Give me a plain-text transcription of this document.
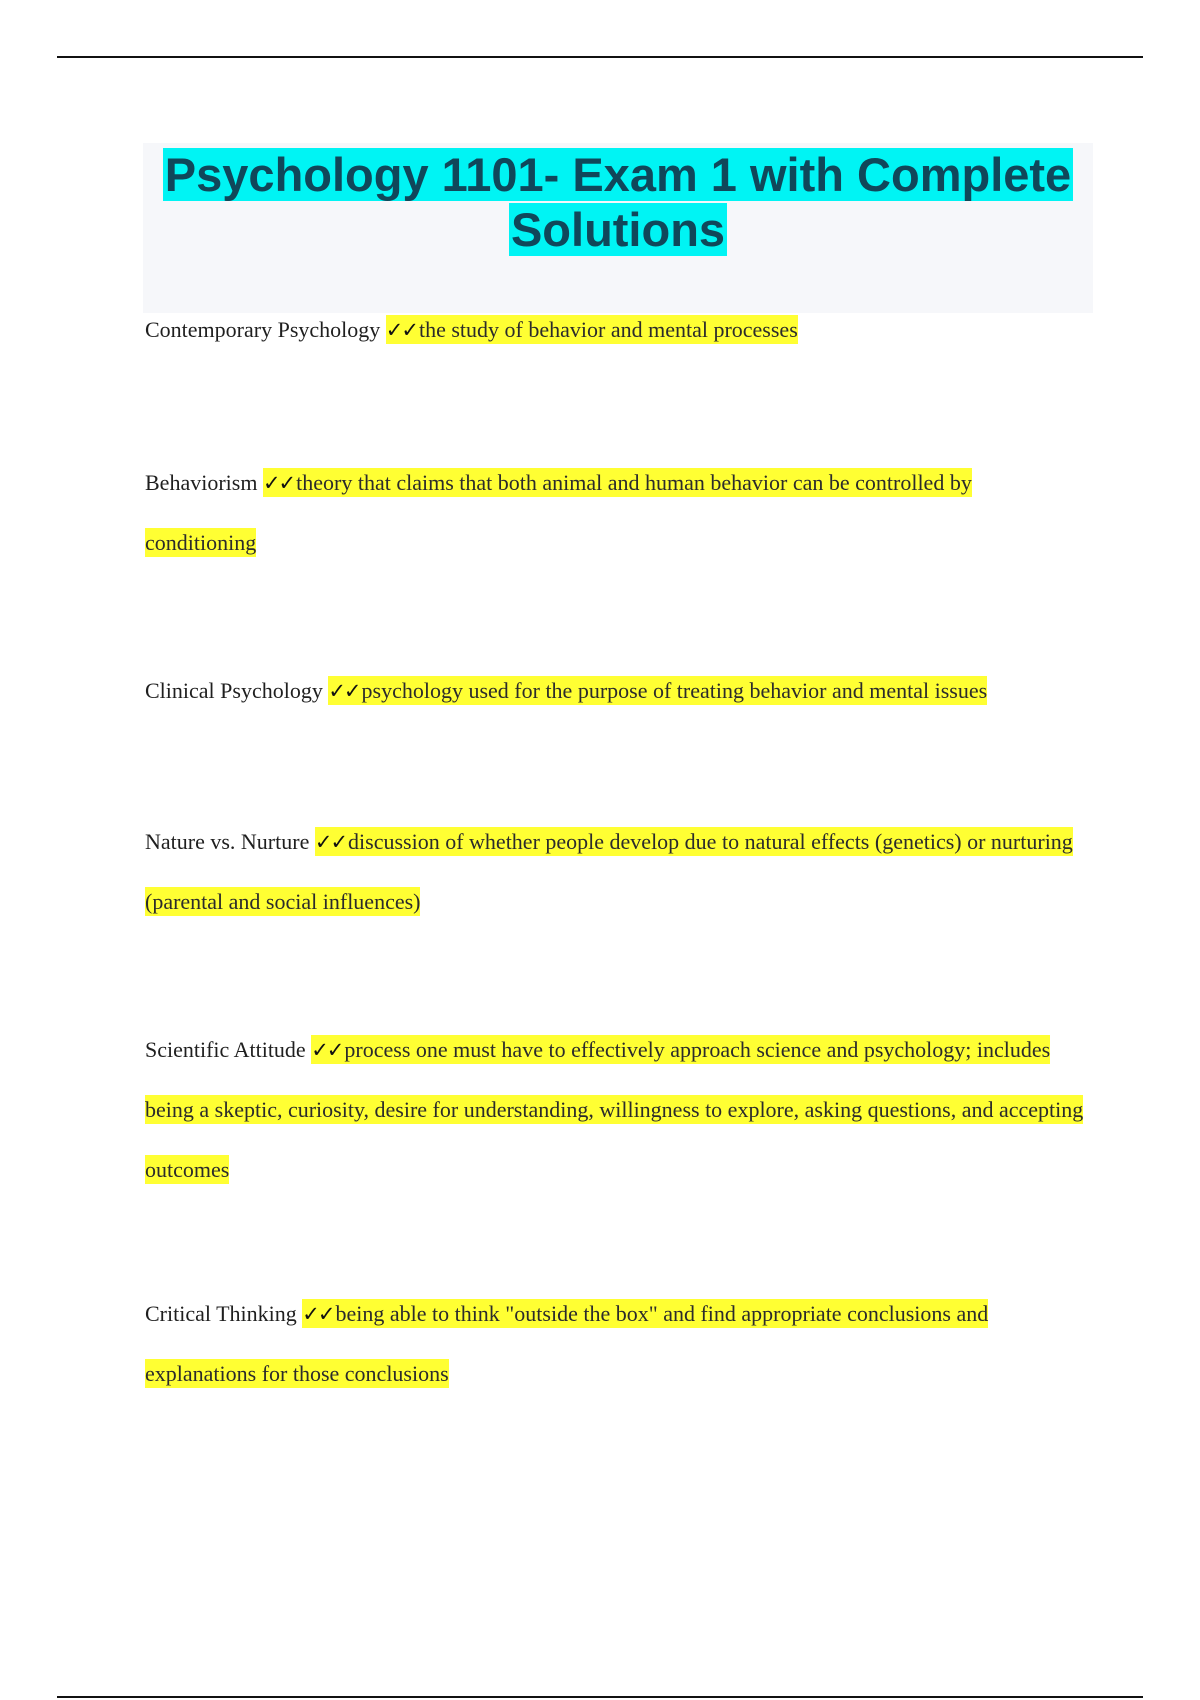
Psychology 1101- Exam 1 with Complete
Solutions

Contemporary Psychology ✓✓the study of behavior and mental processes

Behaviorism ✓✓theory that claims that both animal and human behavior can be controlled by conditioning

Clinical Psychology ✓✓psychology used for the purpose of treating behavior and mental issues

Nature vs. Nurture ✓✓discussion of whether people develop due to natural effects (genetics) or nurturing (parental and social influences)

Scientific Attitude ✓✓process one must have to effectively approach science and psychology; includes being a skeptic, curiosity, desire for understanding, willingness to explore, asking questions, and accepting outcomes

Critical Thinking ✓✓being able to think "outside the box" and find appropriate conclusions and explanations for those conclusions
